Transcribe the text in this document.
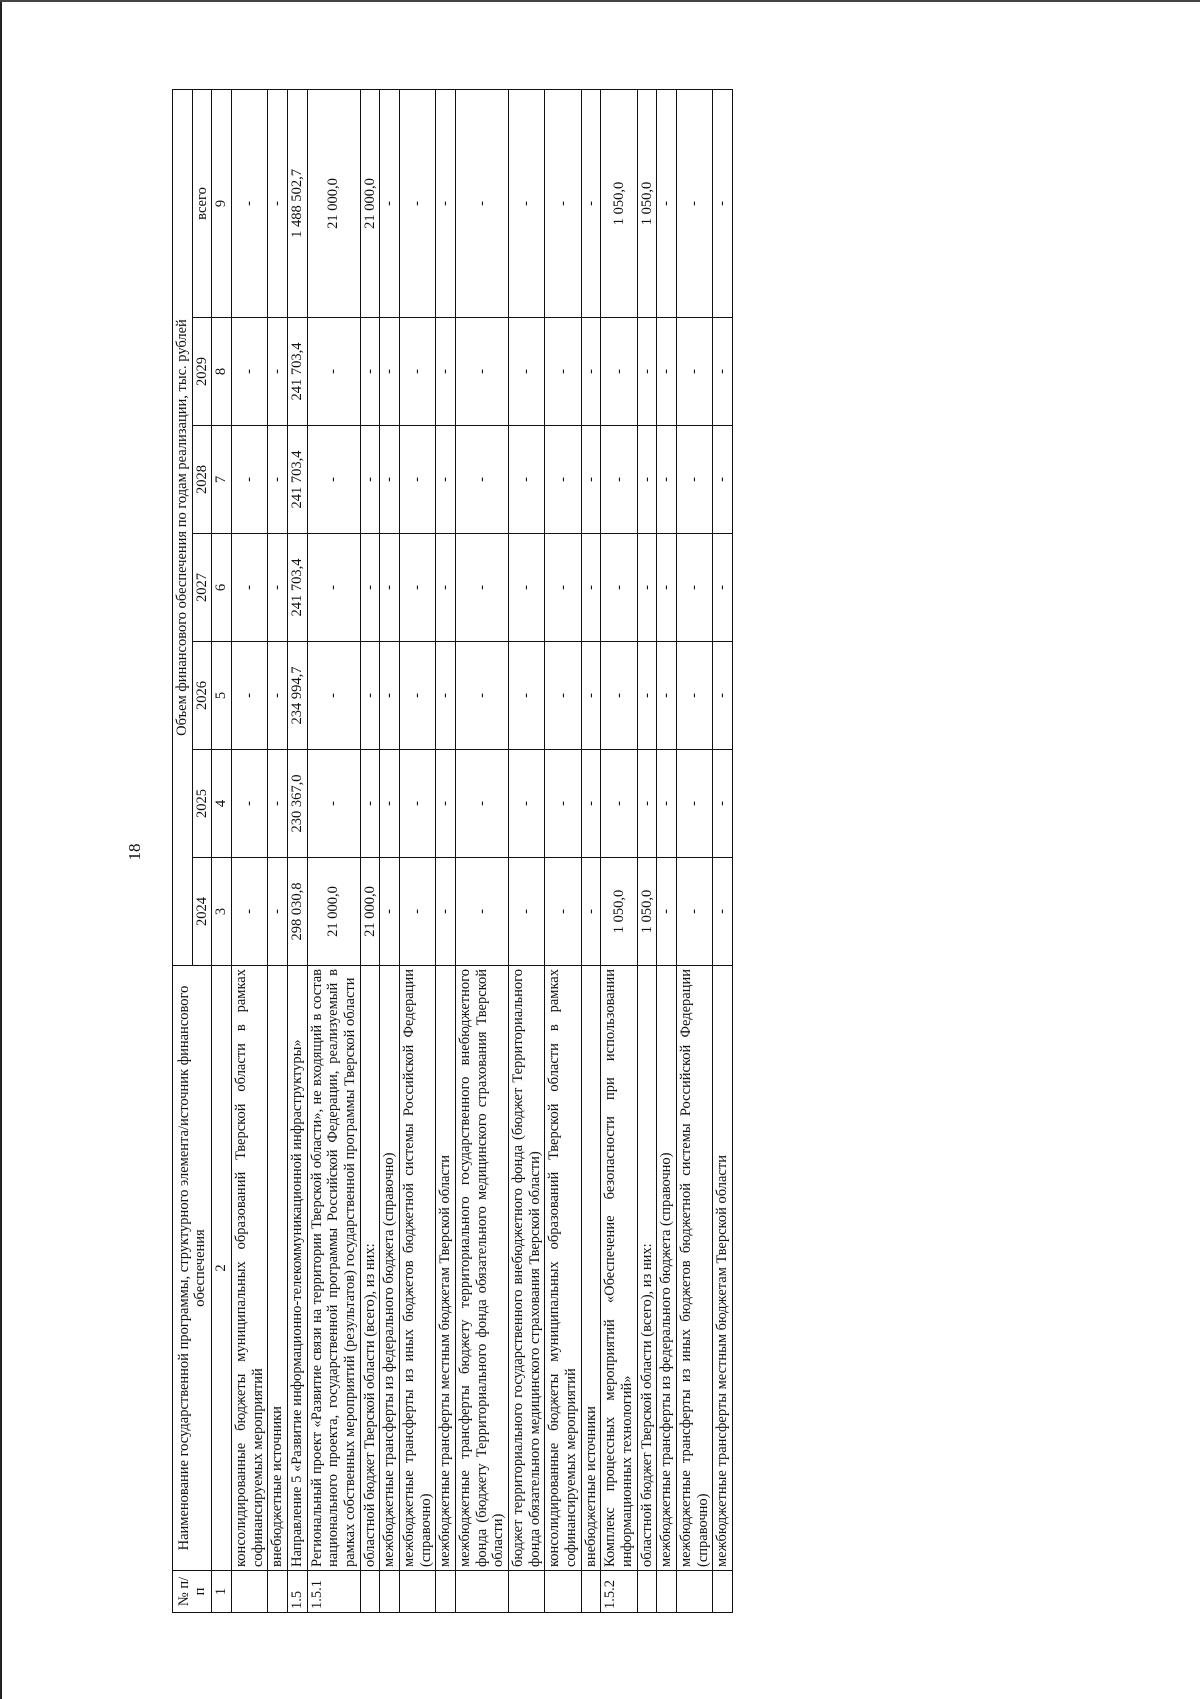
18
№ п/п	Наименование государственной программы, структурного элемента/источник финансового обеспечения	Объем финансового обеспечения по годам реализации, тыс. рублей						
		2024	2025	2026	2027	2028	2029	всего
1	2	3	4	5	6	7	8	9
	консолидированные бюджеты муниципальных образований Тверской области в рамках софинансируемых мероприятий	-	-	-	-	-	-	-
	внебюджетные источники	-	-	-	-	-	-	-
1.5	Направление 5 «Развитие информационно-телекоммуникационной инфраструктуры»	298 030,8	230 367,0	234 994,7	241 703,4	241 703,4	241 703,4	1 488 502,7
1.5.1	Региональный проект «Развитие связи на территории Тверской области», не входящий в состав национального проекта, государственной программы Российской Федерации, реализуемый в рамках собственных мероприятий (результатов) государственной программы Тверской области	21 000,0	-	-	-	-	-	21 000,0
	областной бюджет Тверской области (всего), из них:	21 000,0	-	-	-	-	-	21 000,0
	межбюджетные трансферты из федерального бюджета (справочно)	-	-	-	-	-	-	-
	межбюджетные трансферты из иных бюджетов бюджетной системы Российской Федерации (справочно)	-	-	-	-	-	-	-
	межбюджетные трансферты местным бюджетам Тверской области	-	-	-	-	-	-	-
	межбюджетные трансферты бюджету территориального государственного внебюджетного фонда (бюджету Территориального фонда обязательного медицинского страхования Тверской области)	-	-	-	-	-	-	-
	бюджет территориального государственного внебюджетного фонда (бюджет Территориального фонда обязательного медицинского страхования Тверской области)	-	-	-	-	-	-	-
	консолидированные бюджеты муниципальных образований Тверской области в рамках софинансируемых мероприятий	-	-	-	-	-	-	-
	внебюджетные источники	-	-	-	-	-	-	-
1.5.2	Комплекс процессных мероприятий «Обеспечение безопасности при использовании информационных технологий»	1 050,0	-	-	-	-	-	1 050,0
	областной бюджет Тверской области (всего), из них:	1 050,0	-	-	-	-	-	1 050,0
	межбюджетные трансферты из федерального бюджета (справочно)	-	-	-	-	-	-	-
	межбюджетные трансферты из иных бюджетов бюджетной системы Российской Федерации (справочно)	-	-	-	-	-	-	-
	межбюджетные трансферты местным бюджетам Тверской области	-	-	-	-	-	-	-
